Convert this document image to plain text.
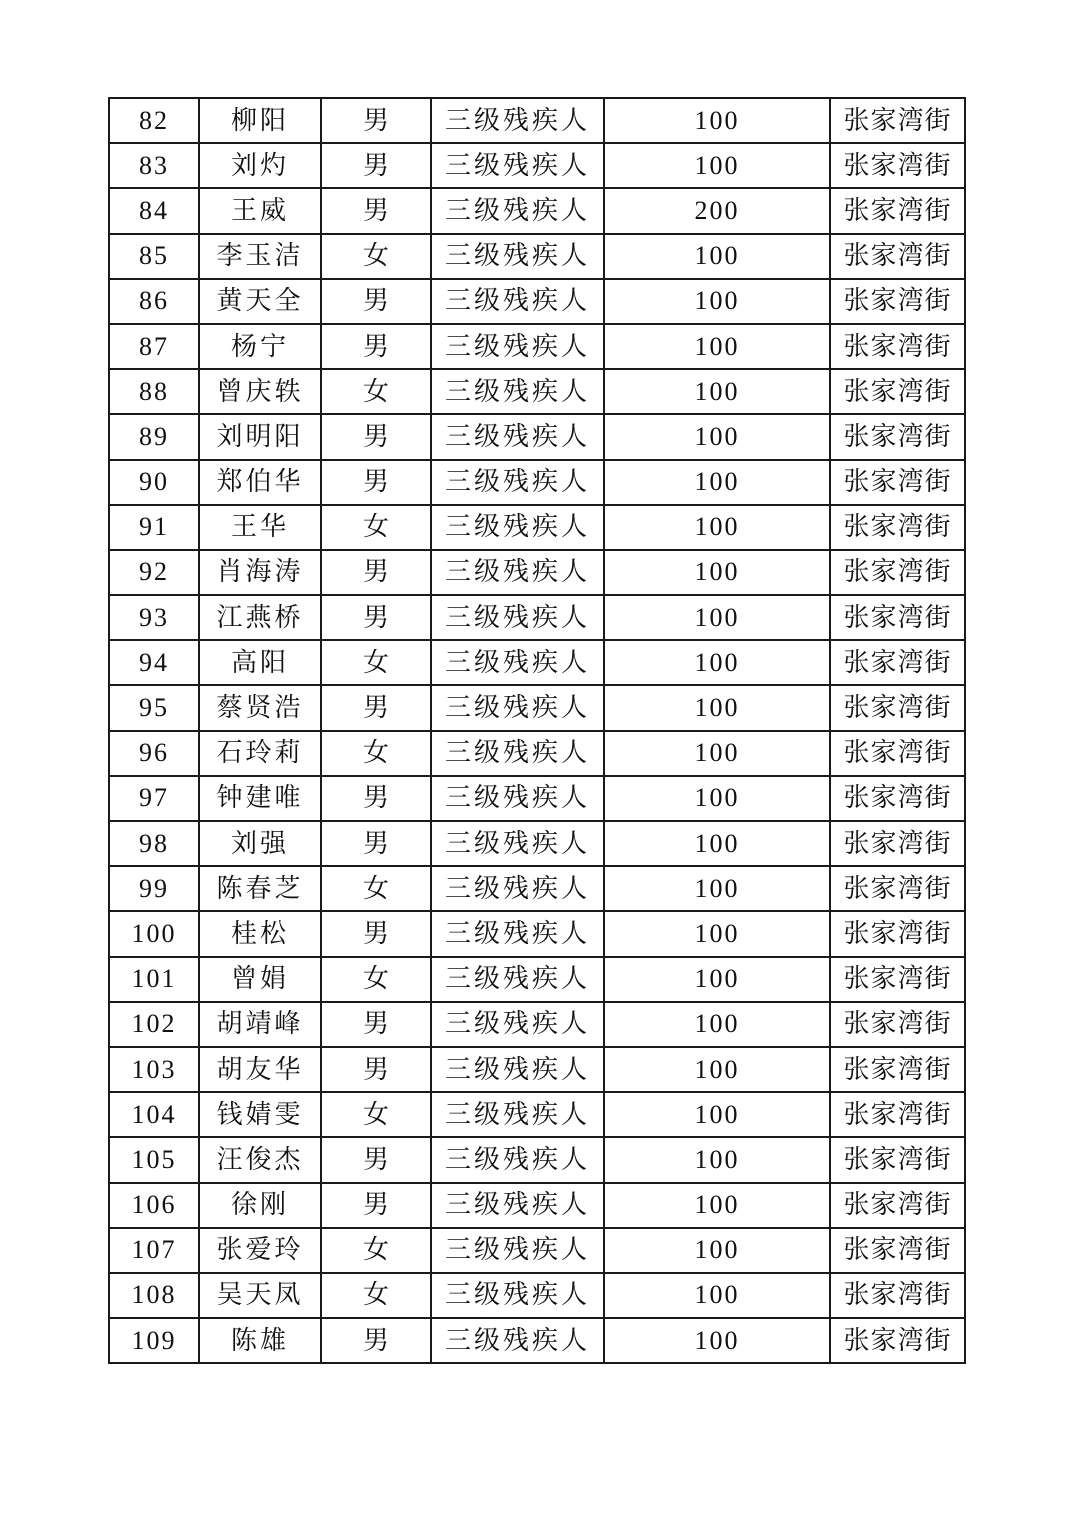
82	柳阳	男	三级残疾人	100	张家湾街
83	刘灼	男	三级残疾人	100	张家湾街
84	王威	男	三级残疾人	200	张家湾街
85	李玉洁	女	三级残疾人	100	张家湾街
86	黄天全	男	三级残疾人	100	张家湾街
87	杨宁	男	三级残疾人	100	张家湾街
88	曾庆轶	女	三级残疾人	100	张家湾街
89	刘明阳	男	三级残疾人	100	张家湾街
90	郑伯华	男	三级残疾人	100	张家湾街
91	王华	女	三级残疾人	100	张家湾街
92	肖海涛	男	三级残疾人	100	张家湾街
93	江燕桥	男	三级残疾人	100	张家湾街
94	高阳	女	三级残疾人	100	张家湾街
95	蔡贤浩	男	三级残疾人	100	张家湾街
96	石玲莉	女	三级残疾人	100	张家湾街
97	钟建唯	男	三级残疾人	100	张家湾街
98	刘强	男	三级残疾人	100	张家湾街
99	陈春芝	女	三级残疾人	100	张家湾街
100	桂松	男	三级残疾人	100	张家湾街
101	曾娟	女	三级残疾人	100	张家湾街
102	胡靖峰	男	三级残疾人	100	张家湾街
103	胡友华	男	三级残疾人	100	张家湾街
104	钱婧雯	女	三级残疾人	100	张家湾街
105	汪俊杰	男	三级残疾人	100	张家湾街
106	徐刚	男	三级残疾人	100	张家湾街
107	张爱玲	女	三级残疾人	100	张家湾街
108	吴天凤	女	三级残疾人	100	张家湾街
109	陈雄	男	三级残疾人	100	张家湾街
